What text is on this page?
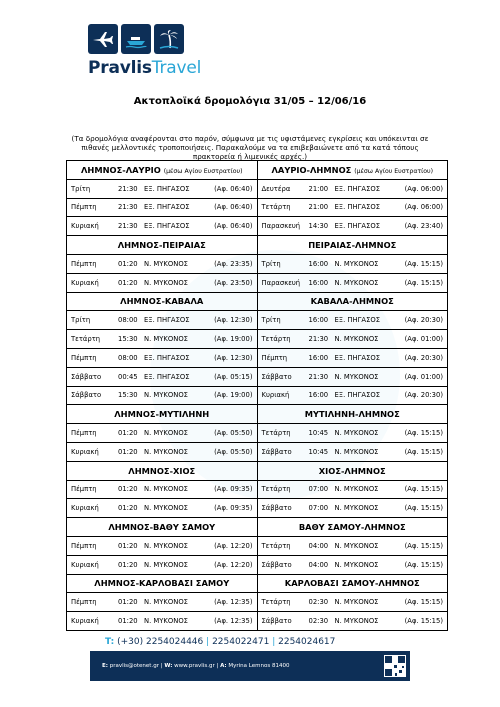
PravlisTravel
Ακτοπλοϊκά δρομολόγια 31/05 – 12/06/16
(Τα δρομολόγια αναφέρονται στο παρόν, σύμφωνα με τις υφιστάμενες εγκρίσεις και υπόκεινται σε πιθανές μελλοντικές τροποποιήσεις. Παρακαλούμε να τα επιβεβαιώνετε από τα κατά τόπους πρακτορεία ή λιμενικές αρχές.)
ΛΗΜΝΟΣ-ΛΑΥΡΙΟ (μέσω Αγίου Ευστρατίου)	ΛΑΥΡΙΟ-ΛΗΜΝΟΣ (μέσω Αγίου Ευστρατίου)

Τρίτη 21:30 ΕΞ. ΠΗΓΑΣΟΣ (Αφ. 06:40)	Δευτέρα 21:00 ΕΞ. ΠΗΓΑΣΟΣ (Αφ. 06:00)

Πέμπτη 21:30 ΕΞ. ΠΗΓΑΣΟΣ (Αφ. 06:40)	Τετάρτη 21:00 ΕΞ. ΠΗΓΑΣΟΣ (Αφ. 06:00)

Κυριακή 21:30 ΕΞ. ΠΗΓΑΣΟΣ (Αφ. 06:40)	Παρασκευή 14:30 ΕΞ. ΠΗΓΑΣΟΣ (Αφ. 23:40)

ΛΗΜΝΟΣ-ΠΕΙΡΑΙΑΣ	ΠΕΙΡΑΙΑΣ-ΛΗΜΝΟΣ

Πέμπτη 01:20 Ν. ΜΥΚΟΝΟΣ (Αφ. 23:35)	Τρίτη 16:00 Ν. ΜΥΚΟΝΟΣ (Αφ. 15:15)

Κυριακή 01:20 Ν. ΜΥΚΟΝΟΣ (Αφ. 23:50)	Παρασκευή 16:00 Ν. ΜΥΚΟΝΟΣ (Αφ. 15:15)

ΛΗΜΝΟΣ-ΚΑΒΑΛΑ	ΚΑΒΑΛΑ-ΛΗΜΝΟΣ

Τρίτη 08:00 ΕΞ. ΠΗΓΑΣΟΣ (Αφ. 12:30)	Τρίτη 16:00 ΕΞ. ΠΗΓΑΣΟΣ (Αφ. 20:30)

Τετάρτη 15:30 Ν. ΜΥΚΟΝΟΣ (Αφ. 19:00)	Τετάρτη 21:30 Ν. ΜΥΚΟΝΟΣ (Αφ. 01:00)

Πέμπτη 08:00 ΕΞ. ΠΗΓΑΣΟΣ (Αφ. 12:30)	Πέμπτη 16:00 ΕΞ. ΠΗΓΑΣΟΣ (Αφ. 20:30)

Σάββατο 00:45 ΕΞ. ΠΗΓΑΣΟΣ (Αφ. 05:15)	Σάββατο 21:30 Ν. ΜΥΚΟΝΟΣ (Αφ. 01:00)

Σάββατο 15:30 Ν. ΜΥΚΟΝΟΣ (Αφ. 19:00)	Κυριακή 16:00 ΕΞ. ΠΗΓΑΣΟΣ (Αφ. 20:30)

ΛΗΜΝΟΣ-ΜΥΤΙΛΗΝΗ	ΜΥΤΙΛΗΝΗ-ΛΗΜΝΟΣ

Πέμπτη 01:20 Ν. ΜΥΚΟΝΟΣ (Αφ. 05:50)	Τετάρτη 10:45 Ν. ΜΥΚΟΝΟΣ (Αφ. 15:15)

Κυριακή 01:20 Ν. ΜΥΚΟΝΟΣ (Αφ. 05:50)	Σάββατο 10:45 Ν. ΜΥΚΟΝΟΣ (Αφ. 15:15)

ΛΗΜΝΟΣ-ΧΙΟΣ	ΧΙΟΣ-ΛΗΜΝΟΣ

Πέμπτη 01:20 Ν. ΜΥΚΟΝΟΣ (Αφ. 09:35)	Τετάρτη 07:00 Ν. ΜΥΚΟΝΟΣ (Αφ. 15:15)

Κυριακή 01:20 Ν. ΜΥΚΟΝΟΣ (Αφ. 09:35)	Σάββατο 07:00 Ν. ΜΥΚΟΝΟΣ (Αφ. 15:15)

ΛΗΜΝΟΣ-ΒΑΘΥ ΣΑΜΟΥ	ΒΑΘΥ ΣΑΜΟΥ-ΛΗΜΝΟΣ

Πέμπτη 01:20 Ν. ΜΥΚΟΝΟΣ (Αφ. 12:20)	Τετάρτη 04:00 Ν. ΜΥΚΟΝΟΣ (Αφ. 15:15)

Κυριακή 01:20 Ν. ΜΥΚΟΝΟΣ (Αφ. 12:20)	Σάββατο 04:00 Ν. ΜΥΚΟΝΟΣ (Αφ. 15:15)

ΛΗΜΝΟΣ-ΚΑΡΛΟΒΑΣΙ ΣΑΜΟΥ	ΚΑΡΛΟΒΑΣΙ ΣΑΜΟΥ-ΛΗΜΝΟΣ

Πέμπτη 01:20 Ν. ΜΥΚΟΝΟΣ (Αφ. 12:35)	Τετάρτη 02:30 Ν. ΜΥΚΟΝΟΣ (Αφ. 15:15)

Κυριακή 01:20 Ν. ΜΥΚΟΝΟΣ (Αφ. 12:35)	Σάββατο 02:30 Ν. ΜΥΚΟΝΟΣ (Αφ. 15:15)
T: (+30) 2254024446 | 2254022471 | 2254024617
E: pravlis@otenet.gr | W: www.pravlis.gr | A: Myrina Lemnos 81400
